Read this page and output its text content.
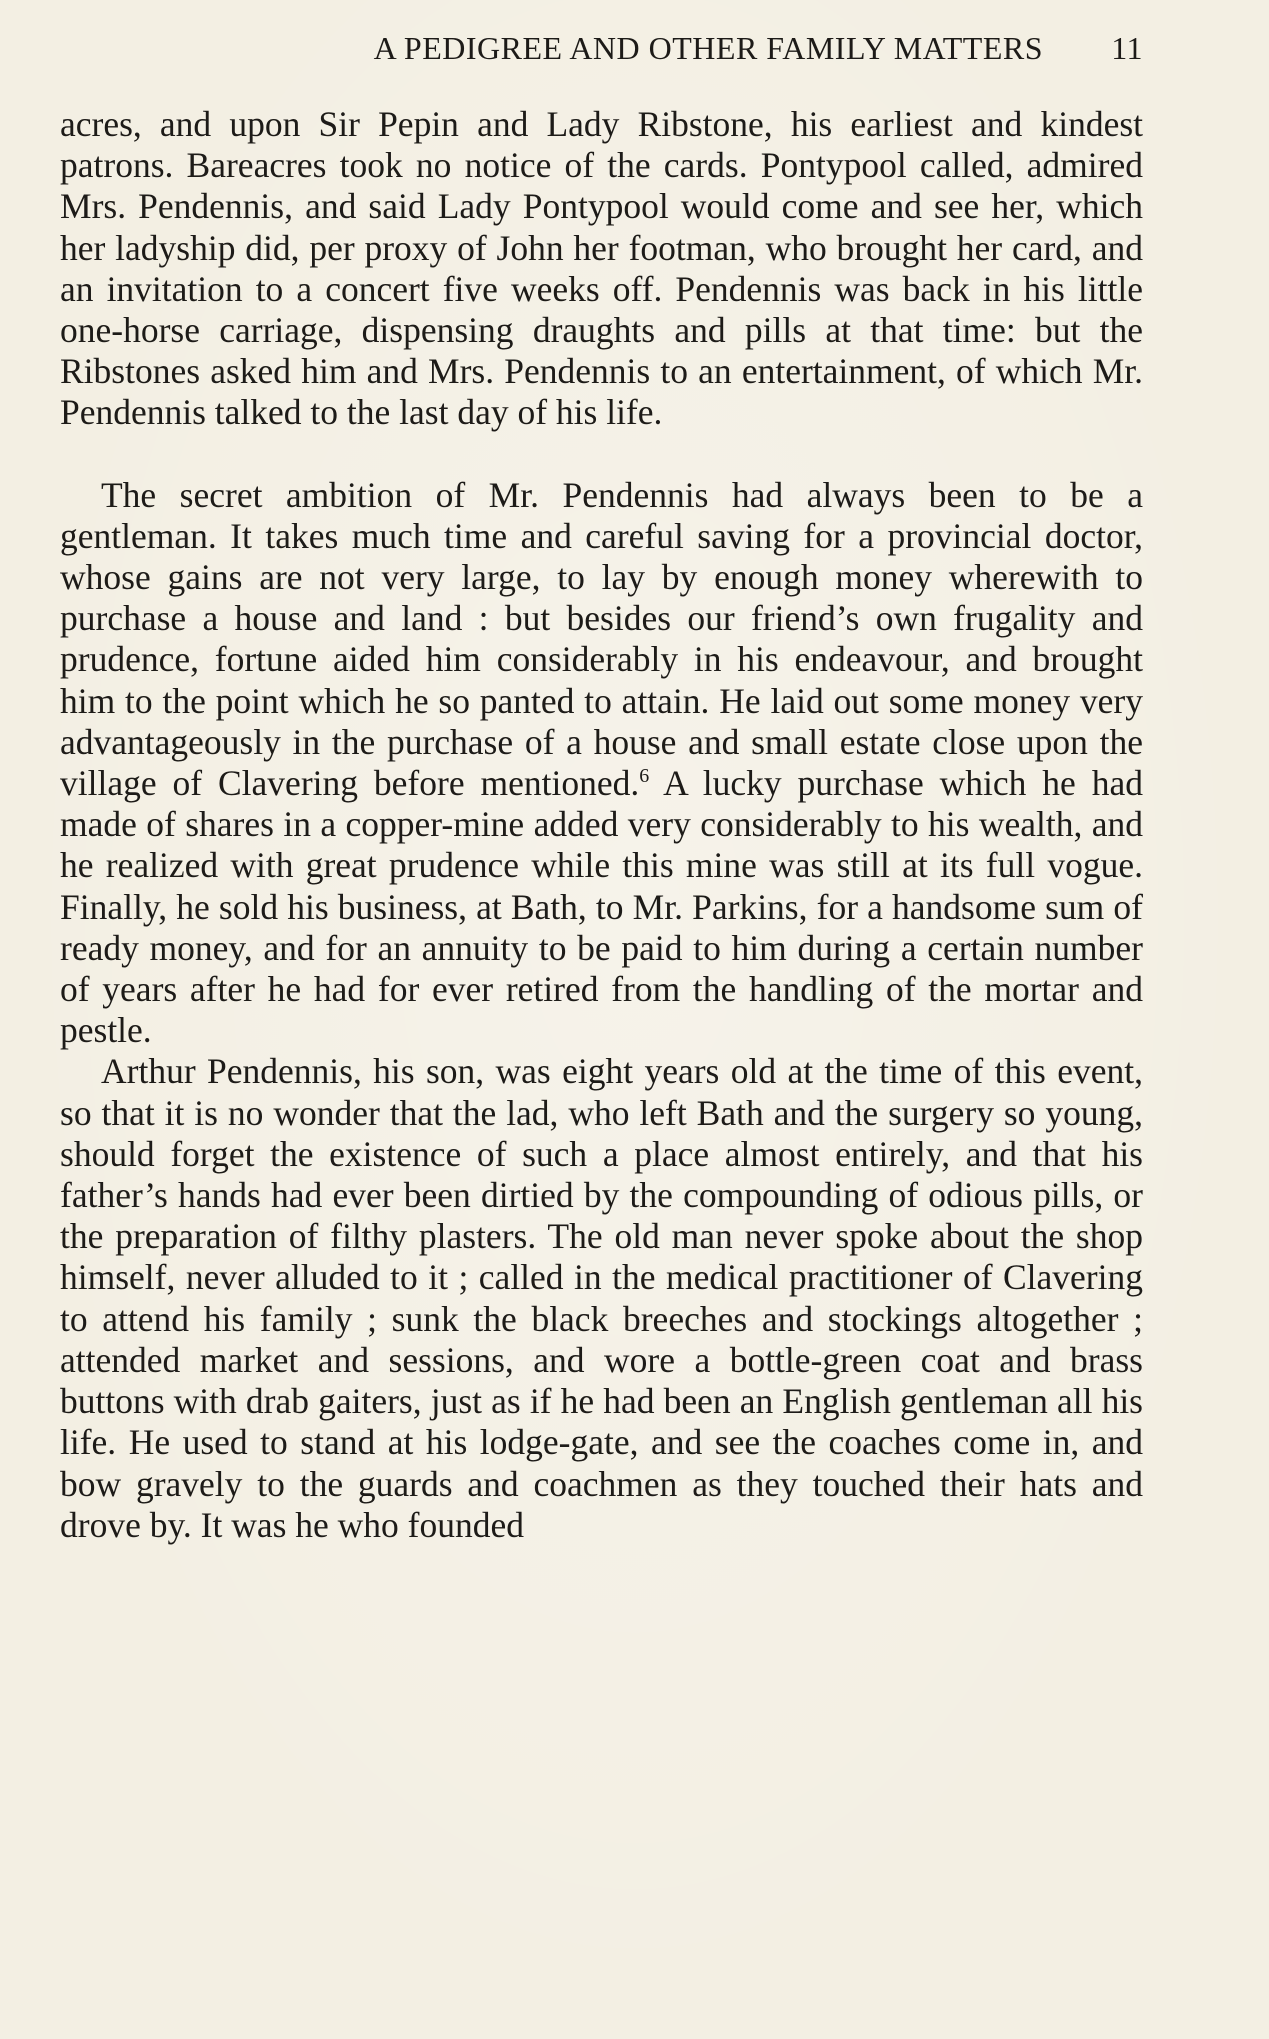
A PEDIGREE AND OTHER FAMILY MATTERS 11

acres, and upon Sir Pepin and Lady Ribstone, his earliest and kindest patrons. Bareacres took no notice of the cards. Pontypool called, admired Mrs. Pendennis, and said Lady Pontypool would come and see her, which her ladyship did, per proxy of John her footman, who brought her card, and an invitation to a concert five weeks off. Pendennis was back in his little one-horse carriage, dispensing draughts and pills at that time: but the Ribstones asked him and Mrs. Pendennis to an entertainment, of which Mr. Pendennis talked to the last day of his life.

The secret ambition of Mr. Pendennis had always been to be a gentleman. It takes much time and careful saving for a provincial doctor, whose gains are not very large, to lay by enough money wherewith to purchase a house and land : but besides our friend’s own frugality and prudence, fortune aided him considerably in his endeavour, and brought him to the point which he so panted to attain. He laid out some money very advantageously in the purchase of a house and small estate close upon the village of Clavering before mentioned.$^6$ A lucky purchase which he had made of shares in a copper-mine added very considerably to his wealth, and he realized with great prudence while this mine was still at its full vogue. Finally, he sold his business, at Bath, to Mr. Parkins, for a handsome sum of ready money, and for an annuity to be paid to him during a certain number of years after he had for ever retired from the handling of the mortar and pestle.

Arthur Pendennis, his son, was eight years old at the time of this event, so that it is no wonder that the lad, who left Bath and the surgery so young, should forget the existence of such a place almost entirely, and that his father’s hands had ever been dirtied by the compounding of odious pills, or the preparation of filthy plasters. The old man never spoke about the shop himself, never alluded to it ; called in the medical practitioner of Clavering to attend his family ; sunk the black breeches and stockings altogether ; attended market and sessions, and wore a bottle-green coat and brass buttons with drab gaiters, just as if he had been an English gentleman all his life. He used to stand at his lodge-gate, and see the coaches come in, and bow gravely to the guards and coachmen as they touched their hats and drove by. It was he who founded
